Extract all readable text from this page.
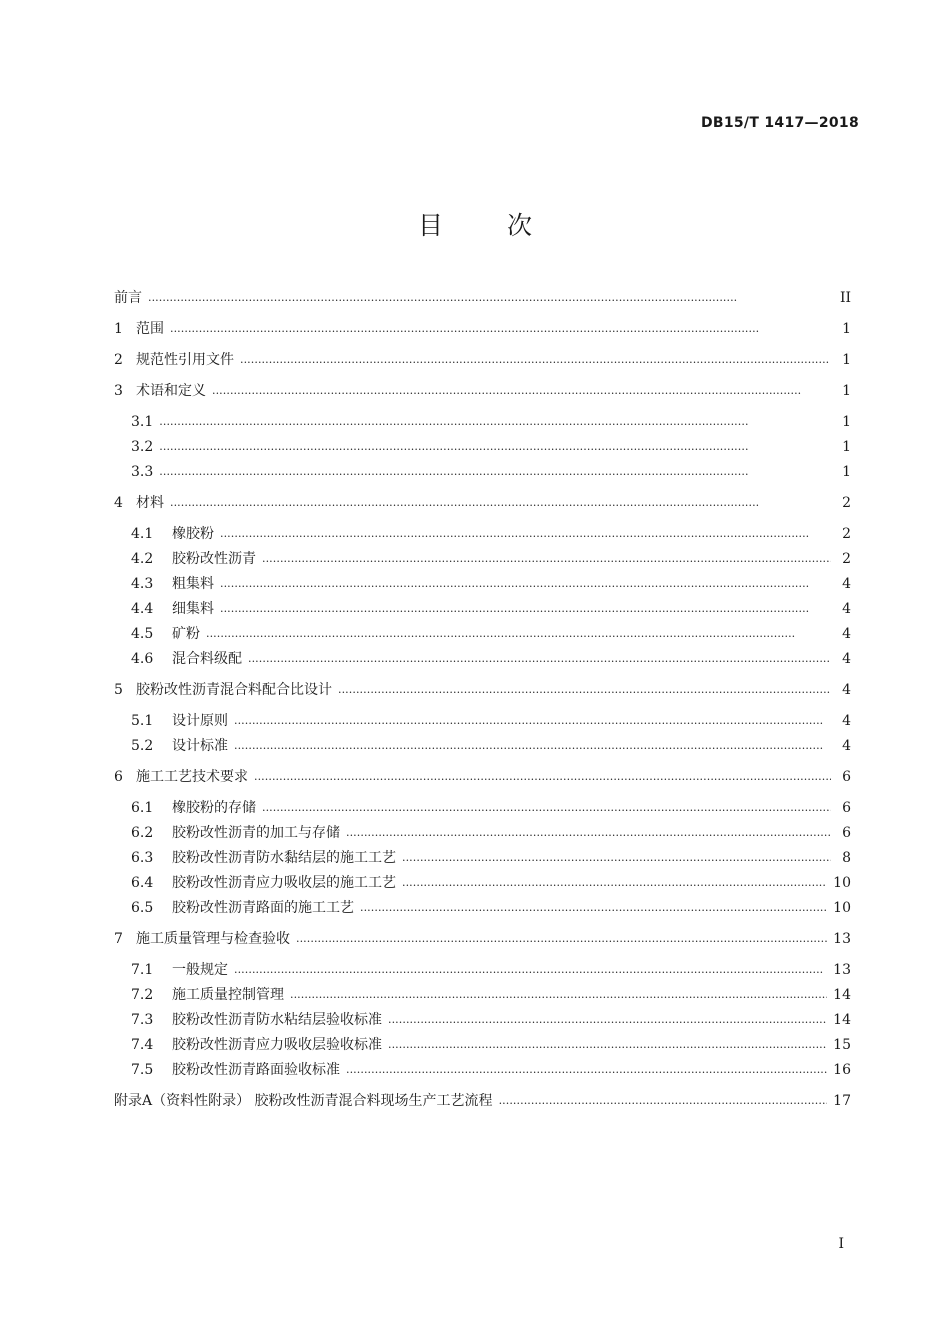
DB15/T 1417—2018
目 次
前言 . . .	II
1 范围 . . .	1
2 规范性引用文件 . . .	1
3 术语和定义 . . .	1
3.1 . . .	1
3.2 . . .	1
3.3 . . .	1
4 材料 . . .	2
4.1	橡胶粉 . . .	2
4.2	胶粉改性沥青 . . .	2
4.3	粗集料 . . .	4
4.4	细集料 . . .	4
4.5	矿粉 . . .	4
4.6	混合料级配 . . .	4
5 胶粉改性沥青混合料配合比设计 . . .	4
5.1	设计原则 . . .	4
5.2	设计标准 . . .	4
6 施工工艺技术要求 . . .	6
6.1	橡胶粉的存储 . . .	6
6.2	胶粉改性沥青的加工与存储 . . .	6
6.3	胶粉改性沥青防水黏结层的施工工艺 . . .	8
6.4	胶粉改性沥青应力吸收层的施工工艺 . . .	10
6.5	胶粉改性沥青路面的施工工艺 . . .	10
7 施工质量管理与检查验收 . . .	13
7.1	一般规定 . . .	13
7.2	施工质量控制管理 . . .	14
7.3	胶粉改性沥青防水粘结层验收标准 . . .	14
7.4	胶粉改性沥青应力吸收层验收标准 . . .	15
7.5	胶粉改性沥青路面验收标准 . . .	16
附录A（资料性附录） 胶粉改性沥青混合料现场生产工艺流程 . . .	17
I
